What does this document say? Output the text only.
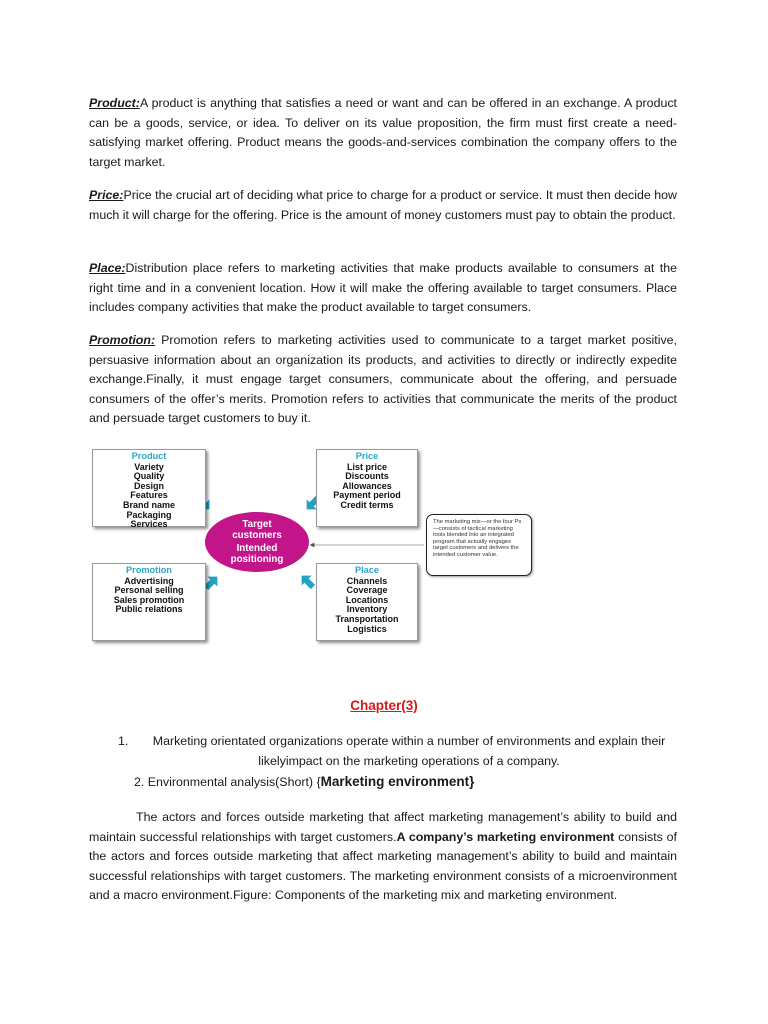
Product:A product is anything that satisfies a need or want and can be offered in an exchange. A product can be a goods, service, or idea. To deliver on its value proposition, the firm must first create a need-satisfying market offering. Product means the goods-and-services combination the company offers to the target market.

Price:Price the crucial art of deciding what price to charge for a product or service. It must then decide how much it will charge for the offering. Price is the amount of money customers must pay to obtain the product.

Place:Distribution place refers to marketing activities that make products available to consumers at the right time and in a convenient location. How it will make the offering available to target consumers. Place includes company activities that make the product available to target consumers.

Promotion: Promotion refers to marketing activities used to communicate to a target market positive, persuasive information about an organization its products, and activities to directly or indirectly expedite exchange.Finally, it must engage target consumers, communicate about the offering, and persuade consumers of the offer’s merits. Promotion refers to activities that communicate the merits of the product and persuade target customers to buy it.

Product
Variety
Quality
Design
Features
Brand name
Packaging
Services
Price
List price
Discounts
Allowances
Payment period
Credit terms
Promotion
Advertising
Personal selling
Sales promotion
Public relations
Place
Channels
Coverage
Locations
Inventory
Transportation
Logistics
Target
customers
Intended
positioning
The marketing mix—or the four Ps—consists of tactical marketing tools blended into an integrated program that actually engages target customers and delivers the intended customer value.
Chapter(3)
1.	Marketing orientated organizations operate within a number of environments and explain their likelyimpact on the marketing operations of a company.
2. Environmental analysis(Short) {Marketing environment}

The actors and forces outside marketing that affect marketing management’s ability to build and maintain successful relationships with target customers.A company’s marketing environment consists of the actors and forces outside marketing that affect marketing management’s ability to build and maintain successful relationships with target customers. The marketing environment consists of a microenvironment and a macro environment.Figure: Components of the marketing mix and marketing environment.
